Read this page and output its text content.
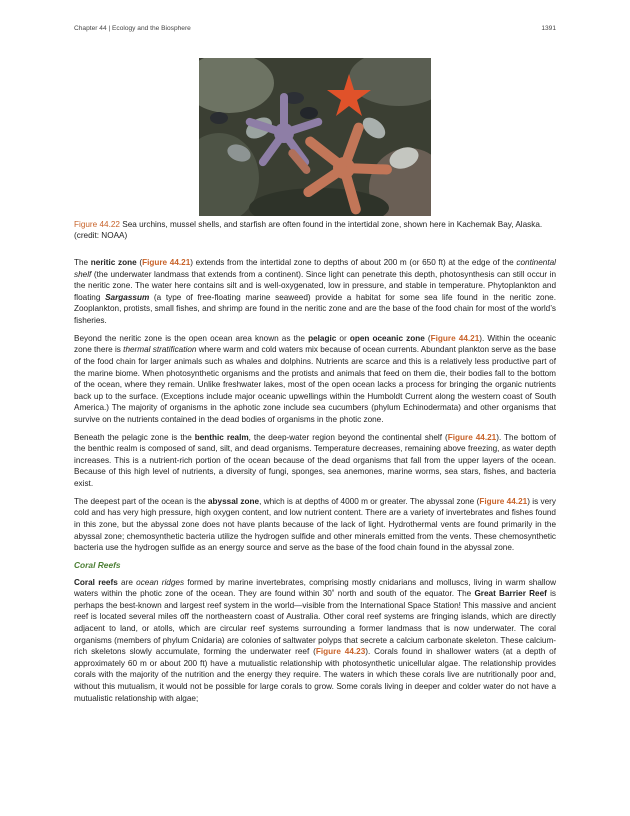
Chapter 44 | Ecology and the Biosphere	1391
Figure 44.22 Sea urchins, mussel shells, and starfish are often found in the intertidal zone, shown here in Kachemak Bay, Alaska. (credit: NOAA)

The neritic zone (Figure 44.21) extends from the intertidal zone to depths of about 200 m (or 650 ft) at the edge of the continental shelf (the underwater landmass that extends from a continent). Since light can penetrate this depth, photosynthesis can still occur in the neritic zone. The water here contains silt and is well-oxygenated, low in pressure, and stable in temperature. Phytoplankton and floating Sargassum (a type of free-floating marine seaweed) provide a habitat for some sea life found in the neritic zone. Zooplankton, protists, small fishes, and shrimp are found in the neritic zone and are the base of the food chain for most of the world’s fisheries.

Beyond the neritic zone is the open ocean area known as the pelagic or open oceanic zone (Figure 44.21). Within the oceanic zone there is thermal stratification where warm and cold waters mix because of ocean currents. Abundant plankton serve as the base of the food chain for larger animals such as whales and dolphins. Nutrients are scarce and this is a relatively less productive part of the marine biome. When photosynthetic organisms and the protists and animals that feed on them die, their bodies fall to the bottom of the ocean, where they remain. Unlike freshwater lakes, most of the open ocean lacks a process for bringing the organic nutrients back up to the surface. (Exceptions include major oceanic upwellings within the Humboldt Current along the western coast of South America.) The majority of organisms in the aphotic zone include sea cucumbers (phylum Echinodermata) and other organisms that survive on the nutrients contained in the dead bodies of organisms in the photic zone.

Beneath the pelagic zone is the benthic realm, the deep-water region beyond the continental shelf (Figure 44.21). The bottom of the benthic realm is composed of sand, silt, and dead organisms. Temperature decreases, remaining above freezing, as water depth increases. This is a nutrient-rich portion of the ocean because of the dead organisms that fall from the upper layers of the ocean. Because of this high level of nutrients, a diversity of fungi, sponges, sea anemones, marine worms, sea stars, fishes, and bacteria exist.

The deepest part of the ocean is the abyssal zone, which is at depths of 4000 m or greater. The abyssal zone (Figure 44.21) is very cold and has very high pressure, high oxygen content, and low nutrient content. There are a variety of invertebrates and fishes found in this zone, but the abyssal zone does not have plants because of the lack of light. Hydrothermal vents are found primarily in the abyssal zone; chemosynthetic bacteria utilize the hydrogen sulfide and other minerals emitted from the vents. These chemosynthetic bacteria use the hydrogen sulfide as an energy source and serve as the base of the food chain found in the abyssal zone.

Coral Reefs

Coral reefs are ocean ridges formed by marine invertebrates, comprising mostly cnidarians and molluscs, living in warm shallow waters within the photic zone of the ocean. They are found within 30˚ north and south of the equator. The Great Barrier Reef is perhaps the best-known and largest reef system in the world—visible from the International Space Station! This massive and ancient reef is located several miles off the northeastern coast of Australia. Other coral reef systems are fringing islands, which are directly adjacent to land, or atolls, which are circular reef systems surrounding a former landmass that is now underwater. The coral organisms (members of phylum Cnidaria) are colonies of saltwater polyps that secrete a calcium carbonate skeleton. These calcium-rich skeletons slowly accumulate, forming the underwater reef (Figure 44.23). Corals found in shallower waters (at a depth of approximately 60 m or about 200 ft) have a mutualistic relationship with photosynthetic unicellular algae. The relationship provides corals with the majority of the nutrition and the energy they require. The waters in which these corals live are nutritionally poor and, without this mutualism, it would not be possible for large corals to grow. Some corals living in deeper and colder water do not have a mutualistic relationship with algae;
